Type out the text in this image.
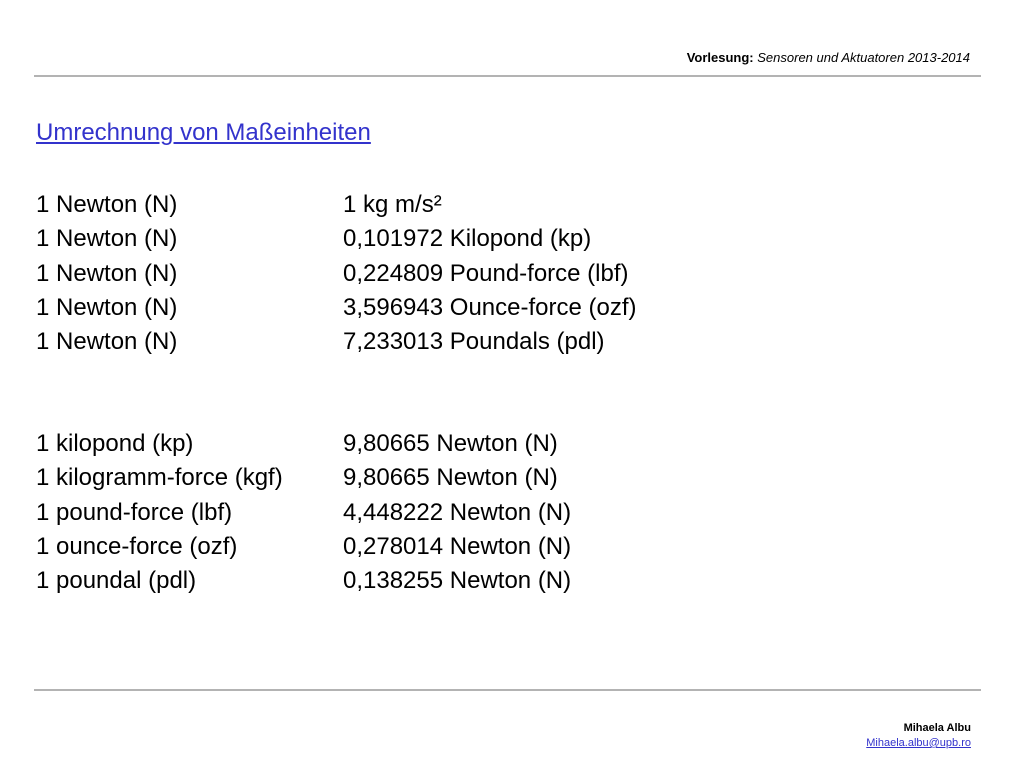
Vorlesung: Sensoren und Aktuatoren 2013-2014
Umrechnung von Maßeinheiten
1 Newton (N)	1 kg m/s²
1 Newton (N)	0,101972 Kilopond (kp)
1 Newton (N)	0,224809 Pound-force (lbf)
1 Newton (N)	3,596943 Ounce-force (ozf)
1 Newton (N)	7,233013 Poundals (pdl)
1 kilopond (kp)	9,80665 Newton (N)
1 kilogramm-force (kgf)	9,80665 Newton (N)
1 pound-force (lbf)	4,448222 Newton (N)
1 ounce-force (ozf)	0,278014 Newton (N)
1 poundal (pdl)	0,138255 Newton (N)
Mihaela Albu
Mihaela.albu@upb.ro
